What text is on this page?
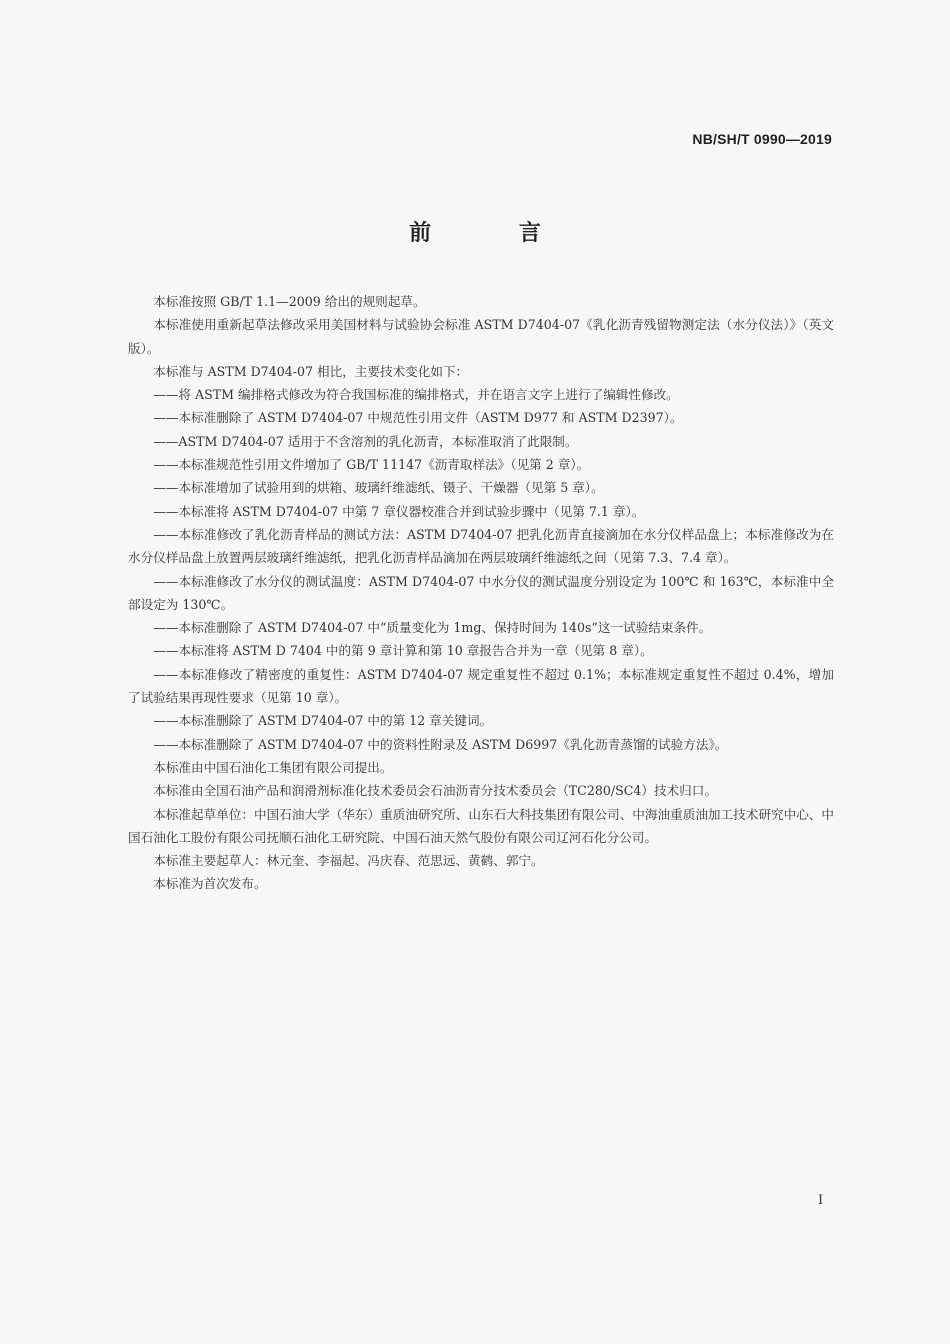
NB/SH/T 0990—2019
前 言

本标准按照 GB/T 1.1—2009 给出的规则起草。

本标准使用重新起草法修改采用美国材料与试验协会标准 ASTM D7404-07《乳化沥青残留物测定法（水分仪法）》（英文版）。

本标准与 ASTM D7404-07 相比，主要技术变化如下：

——将 ASTM 编排格式修改为符合我国标准的编排格式，并在语言文字上进行了编辑性修改。

——本标准删除了 ASTM D7404-07 中规范性引用文件（ASTM D977 和 ASTM D2397）。

——ASTM D7404-07 适用于不含溶剂的乳化沥青，本标准取消了此限制。

——本标准规范性引用文件增加了 GB/T 11147《沥青取样法》（见第 2 章）。

——本标准增加了试验用到的烘箱、玻璃纤维滤纸、镊子、干燥器（见第 5 章）。

——本标准将 ASTM D7404-07 中第 7 章仪器校准合并到试验步骤中（见第 7.1 章）。

——本标准修改了乳化沥青样品的测试方法：ASTM D7404-07 把乳化沥青直接滴加在水分仪样品盘上；本标准修改为在水分仪样品盘上放置两层玻璃纤维滤纸，把乳化沥青样品滴加在两层玻璃纤维滤纸之间（见第 7.3、7.4 章）。

——本标准修改了水分仪的测试温度：ASTM D7404-07 中水分仪的测试温度分别设定为 100℃ 和 163℃，本标准中全部设定为 130℃。

——本标准删除了 ASTM D7404-07 中“质量变化为 1mg、保持时间为 140s”这一试验结束条件。

——本标准将 ASTM D 7404 中的第 9 章计算和第 10 章报告合并为一章（见第 8 章）。

——本标准修改了精密度的重复性：ASTM D7404-07 规定重复性不超过 0.1%；本标准规定重复性不超过 0.4%，增加了试验结果再现性要求（见第 10 章）。

——本标准删除了 ASTM D7404-07 中的第 12 章关键词。

——本标准删除了 ASTM D7404-07 中的资料性附录及 ASTM D6997《乳化沥青蒸馏的试验方法》。

本标准由中国石油化工集团有限公司提出。

本标准由全国石油产品和润滑剂标准化技术委员会石油沥青分技术委员会（TC280/SC4）技术归口。

本标准起草单位：中国石油大学（华东）重质油研究所、山东石大科技集团有限公司、中海油重质油加工技术研究中心、中国石油化工股份有限公司抚顺石油化工研究院、中国石油天然气股份有限公司辽河石化分公司。

本标准主要起草人：林元奎、李福起、冯庆春、范思远、黄鹤、郭宁。

本标准为首次发布。

I
